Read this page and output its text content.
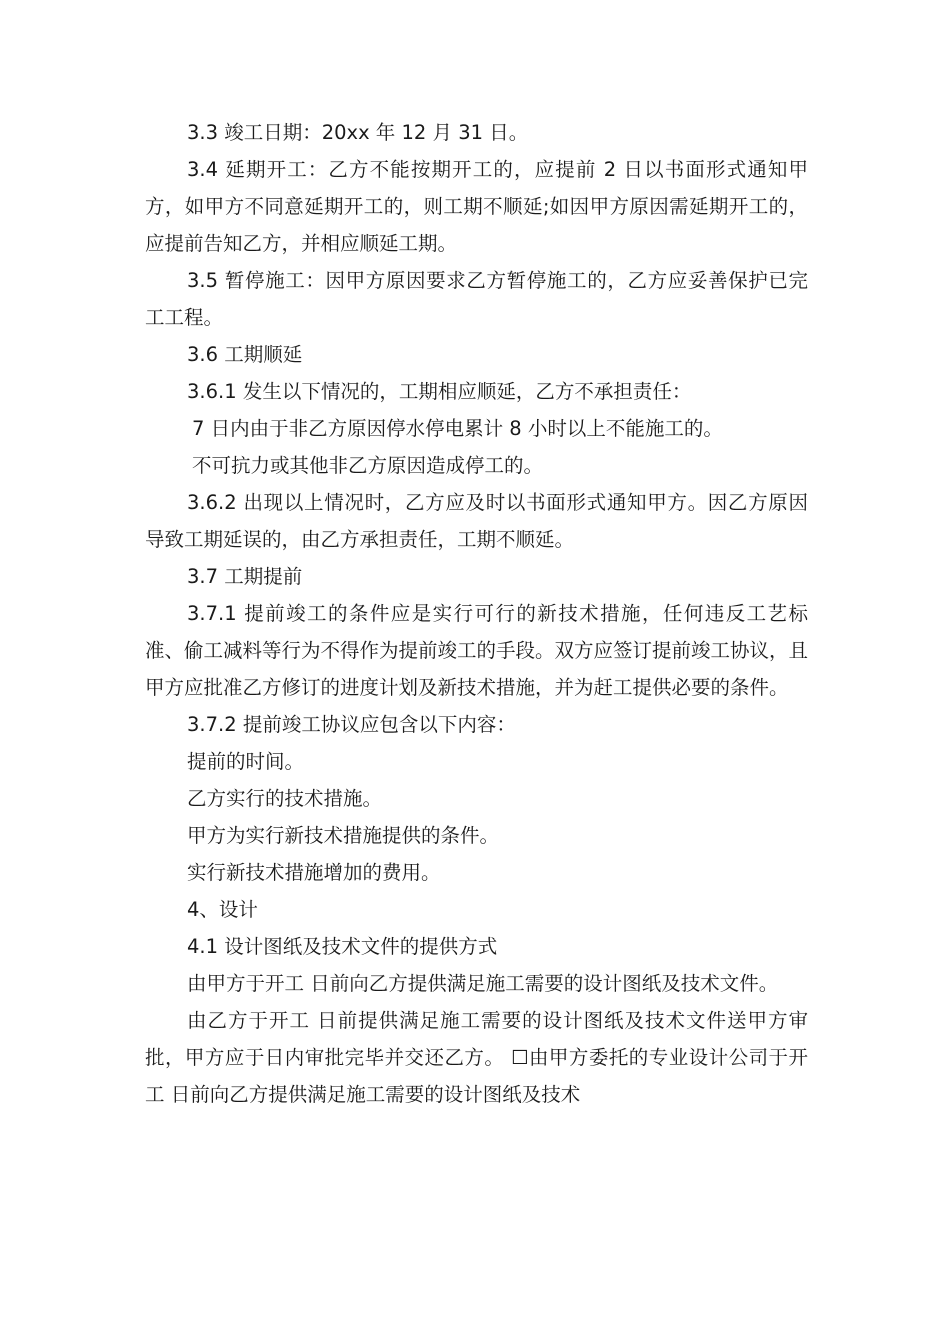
3.3 竣工日期：20xx 年 12 月 31 日。

3.4 延期开工：乙方不能按期开工的，应提前 2 日以书面形式通知甲方，如甲方不同意延期开工的，则工期不顺延;如因甲方原因需延期开工的，应提前告知乙方，并相应顺延工期。

3.5 暂停施工：因甲方原因要求乙方暂停施工的，乙方应妥善保护已完工工程。

3.6 工期顺延

3.6.1 发生以下情况的，工期相应顺延，乙方不承担责任：

7 日内由于非乙方原因停水停电累计 8 小时以上不能施工的。

不可抗力或其他非乙方原因造成停工的。

3.6.2 出现以上情况时，乙方应及时以书面形式通知甲方。因乙方原因导致工期延误的，由乙方承担责任，工期不顺延。

3.7 工期提前

3.7.1 提前竣工的条件应是实行可行的新技术措施，任何违反工艺标准、偷工减料等行为不得作为提前竣工的手段。双方应签订提前竣工协议，且甲方应批准乙方修订的进度计划及新技术措施，并为赶工提供必要的条件。

3.7.2 提前竣工协议应包含以下内容：

提前的时间。

乙方实行的技术措施。

甲方为实行新技术措施提供的条件。

实行新技术措施增加的费用。

4、设计

4.1 设计图纸及技术文件的提供方式

由甲方于开工 日前向乙方提供满足施工需要的设计图纸及技术文件。

由乙方于开工 日前提供满足施工需要的设计图纸及技术文件送甲方审批，甲方应于日内审批完毕并交还乙方。 ☐由甲方委托的专业设计公司于开工 日前向乙方提供满足施工需要的设计图纸及技术
